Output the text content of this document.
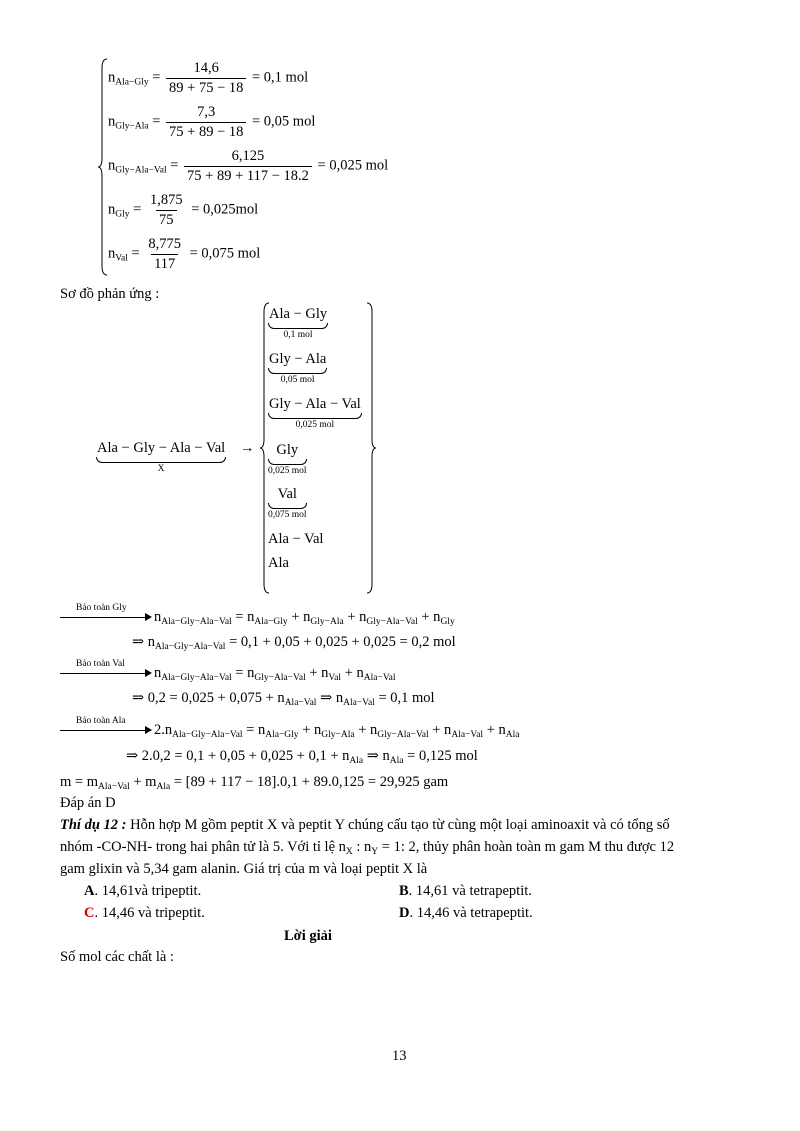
$n_{Ala-Gly} = \frac{14,6}{89 + 75 - 18} = 0,1$ mol
$n_{Gly-Ala} = \frac{7,3}{75 + 89 - 18} = 0,05$ mol
$n_{Gly-Ala-Val} = \frac{6,125}{75 + 89 + 117 - 18.2} = 0,025$ mol
$n_{Gly} = \frac{1,875}{75} = 0,025mol$
$n_{Val} = \frac{8,775}{117} = 0,075$ mol
Sơ đồ phản ứng :
Ala − Gly − Ala − Val
X
→
Ala − Gly
0,1 mol
Gly − Ala
0,05 mol
Gly − Ala − Val
0,025 mol
Gly
0,025 mol
Val
0,075 mol
Ala − Val
Ala
Bảo toàn Gly
$n_{Ala-Gly-Ala-Val} = n_{Ala-Gly} + n_{Gly-Ala} + n_{Gly-Ala-Val} + n_{Gly}$
⇒ $n_{Ala-Gly-Ala-Val} = 0,1 + 0,05 + 0,025 + 0,025 = 0,2$ mol
Bảo toàn Val
$n_{Ala-Gly-Ala-Val} = n_{Gly-Ala-Val} + n_{Val} + n_{Ala-Val}$
⇒ $0,2 = 0,025 + 0,075 + n_{Ala-Val}$ ⇒ $n_{Ala-Val} = 0,1$ mol
Bảo toàn Ala
$2.n_{Ala-Gly-Ala-Val} = n_{Ala-Gly} + n_{Gly-Ala} + n_{Gly-Ala-Val} + n_{Ala-Val} + n_{Ala}$
⇒ $2.0,2 = 0,1 + 0,05 + 0,025 + 0,1 + n_{Ala}$ ⇒ $n_{Ala} = 0,125$ mol
$m = m_{Ala-Val} + m_{Ala} = [89 + 117 - 18].0,1 + 89.0,125 = 29,925$ gam
Đáp án D
Thí dụ 12 : Hỗn hợp M gồm peptit X và peptit Y chúng cấu tạo từ cùng một loại aminoaxit và có tổng số
nhóm -CO-NH- trong hai phân tử là 5. Với tỉ lệ $n_X$ : $n_Y = 1$: 2, thủy phân hoàn toàn m gam M thu được 12
gam glixin và 5,34 gam alanin. Giá trị của m và loại peptit X là
A. 14,61và tripeptit.	B. 14,61 và tetrapeptit.
C. 14,46 và tripeptit.	D. 14,46 và tetrapeptit.
Lời giải
Số mol các chất là :
13
